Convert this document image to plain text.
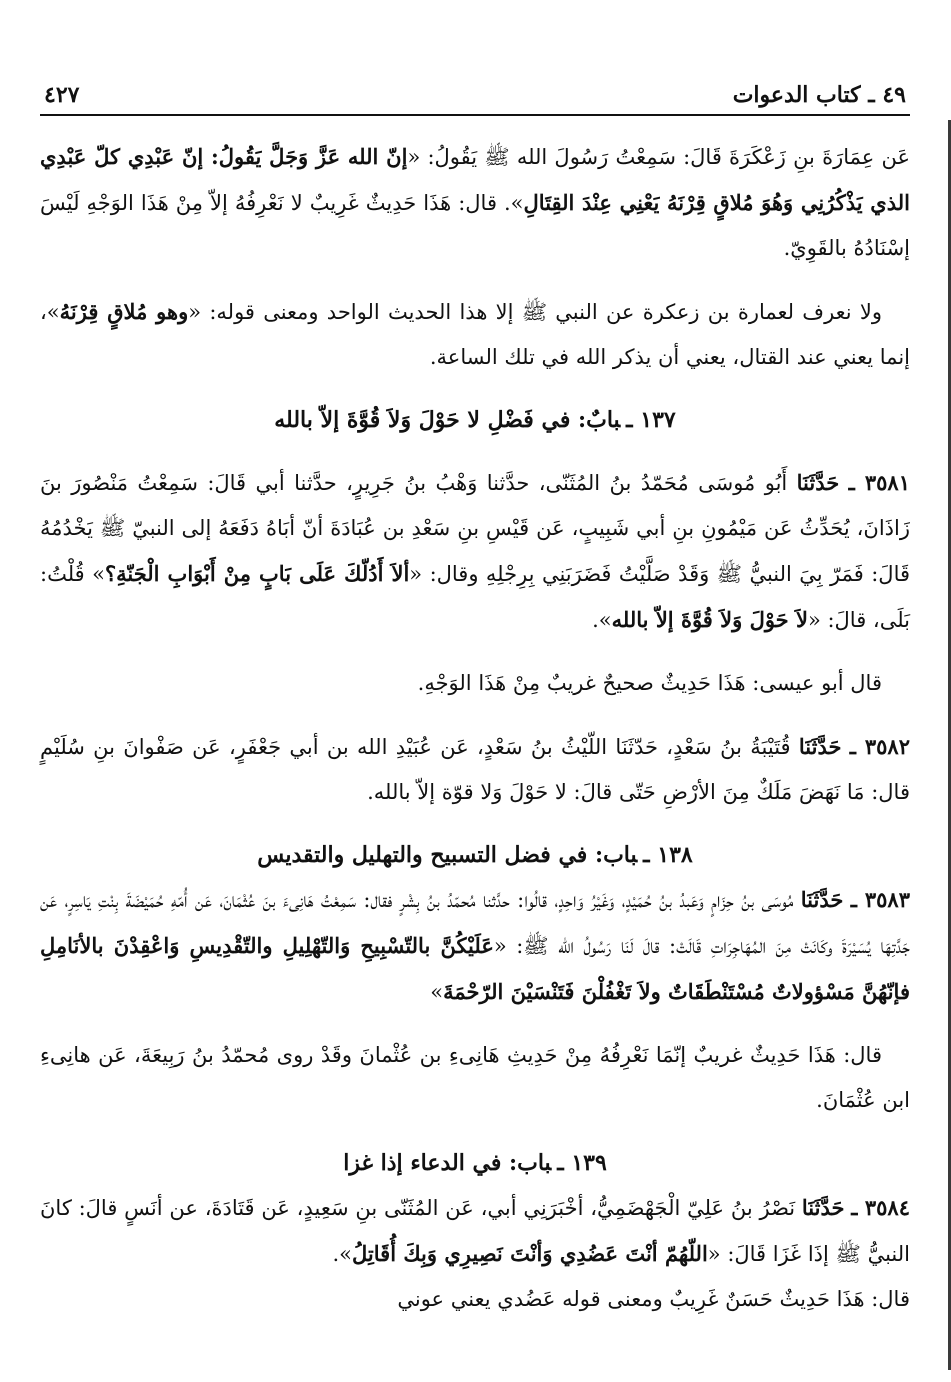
٤٩ ـ كتاب الدعوات
٤٢٧

عَن عِمَارَةَ بنِ زَعْكَرَةَ قَالَ: سَمِعْتُ رَسُولَ الله ﷺ يَقُولُ: «إنّ الله عَزَّ وَجَلَّ يَقُولُ: إنّ عَبْدِي كلّ عَبْدِي الذي يَذْكُرُنِي وَهُوَ مُلاقٍ قِرْنَهُ يَعْنِي عِنْدَ القِتَالِ». قال: هَذَا حَدِيثٌ غَرِيبٌ لا نَعْرِفُهُ إلاّ مِنْ هَذَا الوَجْهِ لَيْسَ إسْنَادُهُ بالقَوِيّ.

ولا نعرف لعمارة بن زعكرة عن النبي ﷺ إلا هذا الحديث الواحد ومعنى قوله: «وهو مُلاقٍ قِرْنَهُ»، إنما يعني عند القتال، يعني أن يذكر الله في تلك الساعة.

١٣٧ ـبابٌ: في فَضْلِ لا حَوْلَ وَلاَ قُوَّةَ إلاّ بالله

٣٥٨١ ـ حَدَّثَنَا أَبُو مُوسَى مُحَمّدُ بنُ المُثَنّى، حدَّثنا وَهْبُ بنُ جَرِيرٍ، حدَّثنا أبي قَالَ: سَمِعْتُ مَنْصُورَ بنَ زَاذَانَ، يُحَدِّثُ عَن مَيْمُونِ بنِ أبي شَبِيبٍ، عَن قَيْسِ بنِ سَعْدِ بن عُبَادَةَ أنّ أبَاهُ دَفَعَهُ إلى النبيّ ﷺ يَخْدُمُهُ قَالَ: فَمَرّ بِيَ النبيُّ ﷺ وَقَدْ صَلَّيْتُ فَضَرَبَنِي بِرِجْلِهِ وقال: «ألاَ أَدُلّكَ عَلَى بَابٍ مِنْ أَبْوَابِ الْجَنّةِ؟» قُلْتُ: بَلَى، قالَ: «لاَ حَوْلَ وَلاَ قُوَّةَ إلاّ بالله».

قال أبو عيسى: هَذَا حَدِيثٌ صحيحٌ غريبٌ مِنْ هَذَا الوَجْهِ.

٣٥٨٢ ـ حَدَّثَنَا قُتَيْبَةُ بنُ سَعْدٍ، حَدّثَنَا اللّيْثُ بنُ سَعْدٍ، عَن عُبَيْدِ الله بن أبي جَعْفَرٍ، عَن صَفْوانَ بنِ سُلَيْمٍ قال: مَا نَهَضَ مَلَكٌ مِنَ الأرْضِ حَتّى قالَ: لا حَوْلَ وَلا قوّة إلاّ بالله.

١٣٨ ـباب: في فضل التسبيح والتهليل والتقديس

٣٥٨٣ ـ حَدَّثَنَا مُوسَى بنُ حِزَامٍ وَعَبدُ بنُ حُمَيْدٍ، وَغَيْرُ وَاحِدٍ، قالُوا: حدَّثنا مُحمّدُ بنُ بِشْرٍ فقال: سَمِعْتُ هَانِىءَ بنَ عُثْمَانَ، عَن أُمّهِ حُمَيْضَةَ بِنْتِ يَاسِرٍ، عَن جَدَّتِهَا يُسَيْرَةَ وكَانَتْ مِنَ المُهَاجِرَاتِ قَالَتْ: قالَ لَنَا رَسُولُ الله ﷺ: «عَلَيْكُنَّ بالتّسْبِيحِ وَالتّهْلِيلِ والتّقْدِيسِ وَاعْقِدْنَ بالأنَامِلِ فإنّهُنَّ مَسْؤولاتٌ مُسْتَنْطَقَاتٌ ولاَ تَغْفُلْنَ فَتَنْسَيْنَ الرّحْمَةَ»

قال: هَذَا حَدِيثٌ غريبٌ إنّمَا نَعْرِفُهُ مِنْ حَدِيثِ هَانِىءِ بن عُثْمانَ وقَدْ روى مُحمّدُ بنُ رَبِيعَةَ، عَن هانِىءِ ابن عُثْمَانَ.

١٣٩ ـباب: في الدعاء إذا غزا

٣٥٨٤ ـ حَدَّثَنَا نَصْرُ بنُ عَلِيّ الْجَهْضَمِيُّ، أخْبَرَنِي أبي، عَن المُثَنّى بنِ سَعِيدٍ، عَن قَتَادَةَ، عن أنَسٍ قالَ: كانَ النبيُّ ﷺ إذَا غَزَا قَالَ: «اللّهُمّ أنْتَ عَضُدِي وَأنْتَ نَصِيرِي وَبِكَ أُقَاتِلُ».

قال: هَذَا حَدِيثٌ حَسَنٌ غَرِيبٌ ومعنى قوله عَضُدي يعني عوني
